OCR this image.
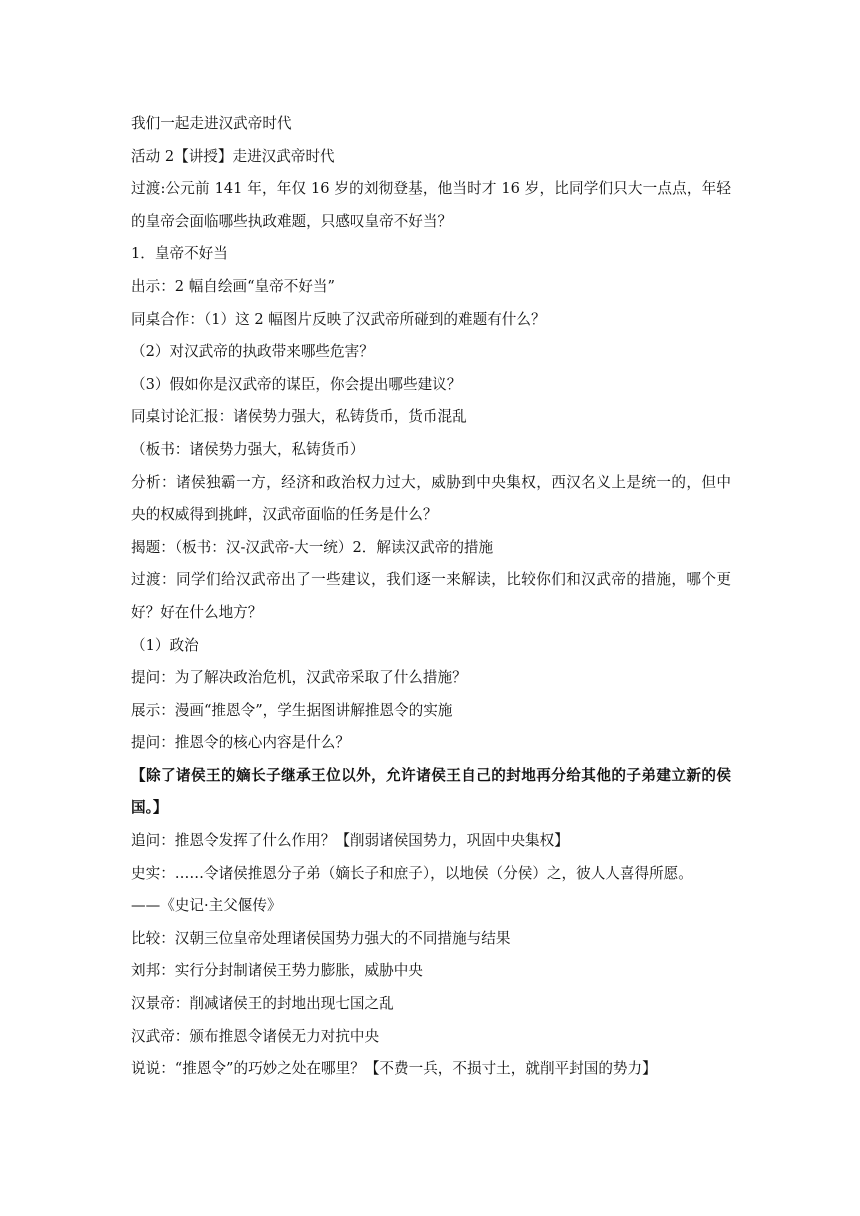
我们一起走进汉武帝时代
活动 2【讲授】走进汉武帝时代
过渡:公元前 141 年，年仅 16 岁的刘彻登基，他当时才 16 岁，比同学们只大一点点，年轻
的皇帝会面临哪些执政难题，只感叹皇帝不好当？
1．皇帝不好当
出示：2 幅自绘画“皇帝不好当”
同桌合作：（1）这 2 幅图片反映了汉武帝所碰到的难题有什么？
（2）对汉武帝的执政带来哪些危害？
（3）假如你是汉武帝的谋臣，你会提出哪些建议？
同桌讨论汇报：诸侯势力强大，私铸货币，货币混乱
（板书：诸侯势力强大，私铸货币）
分析：诸侯独霸一方，经济和政治权力过大，威胁到中央集权，西汉名义上是统一的，但中
央的权威得到挑衅，汉武帝面临的任务是什么？
揭题：（板书：汉-汉武帝-大一统）2．解读汉武帝的措施
过渡：同学们给汉武帝出了一些建议，我们逐一来解读，比较你们和汉武帝的措施，哪个更
好？好在什么地方？
（1）政治
提问：为了解决政治危机，汉武帝采取了什么措施？
展示：漫画“推恩令”，学生据图讲解推恩令的实施
提问：推恩令的核心内容是什么？
【除了诸侯王的嫡长子继承王位以外，允许诸侯王自己的封地再分给其他的子弟建立新的侯
国。】
追问：推恩令发挥了什么作用？【削弱诸侯国势力，巩固中央集权】
史实：……令诸侯推恩分子弟（嫡长子和庶子），以地侯（分侯）之，彼人人喜得所愿。
——《史记·主父偃传》
比较：汉朝三位皇帝处理诸侯国势力强大的不同措施与结果
刘邦：实行分封制诸侯王势力膨胀，威胁中央
汉景帝：削减诸侯王的封地出现七国之乱
汉武帝：颁布推恩令诸侯无力对抗中央
说说：“推恩令”的巧妙之处在哪里？【不费一兵，不损寸土，就削平封国的势力】
